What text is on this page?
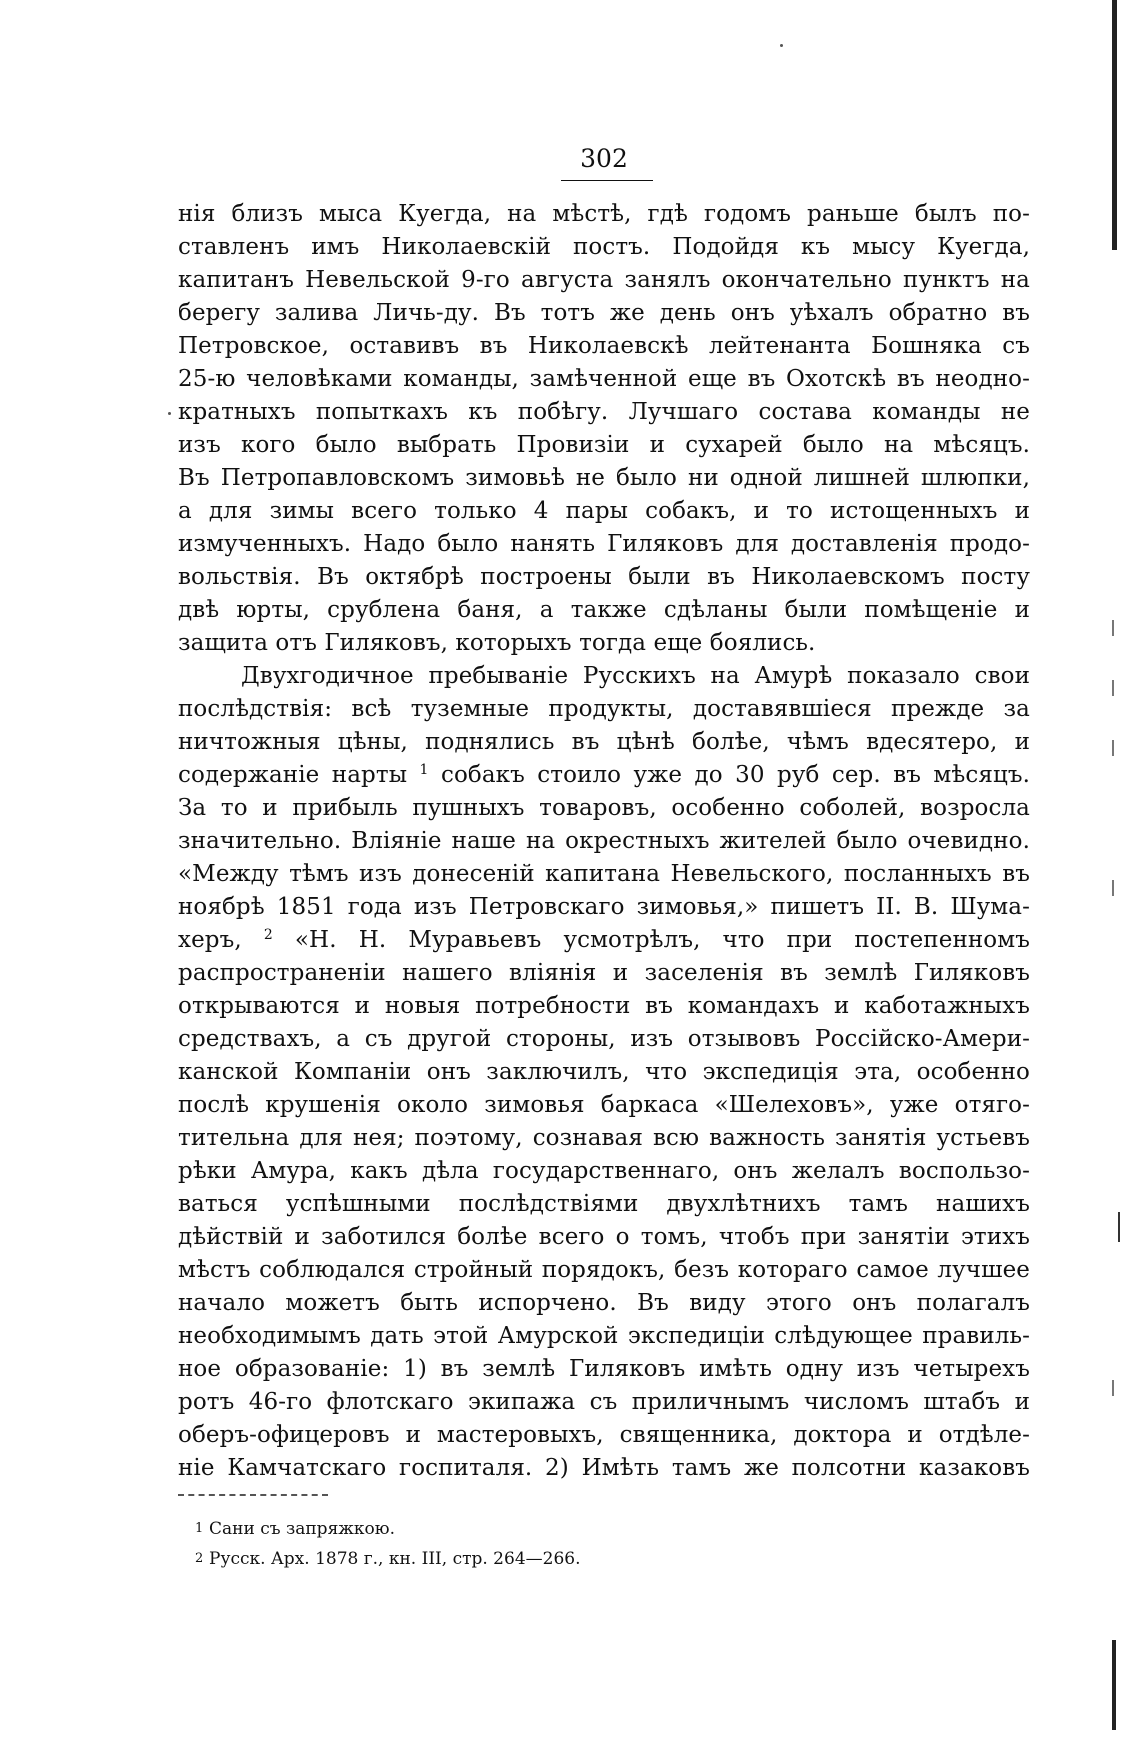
302
нія близъ мыса Куегда, на мѣстѣ, гдѣ годомъ раньше былъ по-
ставленъ имъ Николаевскій постъ. Подойдя къ мысу Куегда,
капитанъ Невельской 9-го августа занялъ окончательно пунктъ на
берегу залива Личь-ду. Въ тотъ же день онъ уѣхалъ обратно въ
Петровское, оставивъ въ Николаевскѣ лейтенанта Бошняка съ
25-ю человѣками команды, замѣченной еще въ Охотскѣ въ неодно-
кратныхъ попыткахъ къ побѣгу. Лучшаго состава команды не
изъ кого было выбрать Провизіи и сухарей было на мѣсяцъ.
Въ Петропавловскомъ зимовьѣ не было ни одной лишней шлюпки,
а для зимы всего только 4 пары собакъ, и то истощенныхъ и
измученныхъ. Надо было нанять Гиляковъ для доставленія продо-
вольствія. Въ октябрѣ построены были въ Николаевскомъ посту
двѣ юрты, срублена баня, а также сдѣланы были помѣщеніе и
защита отъ Гиляковъ, которыхъ тогда еще боялись.
Двухгодичное пребываніе Русскихъ на Амурѣ показало свои
послѣдствія: всѣ туземные продукты, доставявшіеся прежде за
ничтожныя цѣны, поднялись въ цѣнѣ болѣе, чѣмъ вдесятеро, и
содержаніе нарты $^1$ собакъ стоило уже до 30 руб сер. въ мѣсяцъ.
За то и прибыль пушныхъ товаровъ, особенно соболей, возросла
значительно. Вліяніе наше на окрестныхъ жителей было очевидно.
«Между тѣмъ изъ донесеній капитана Невельского, посланныхъ въ
ноябрѣ 1851 года изъ Петровскаго зимовья,» пишетъ II. В. Шума-
херъ, $^2$ «Н. Н. Муравьевъ усмотрѣлъ, что при постепенномъ
распространеніи нашего вліянія и заселенія въ землѣ Гиляковъ
открываются и новыя потребности въ командахъ и каботажныхъ
средствахъ, а съ другой стороны, изъ отзывовъ Россійско-Амери-
канской Компаніи онъ заключилъ, что экспедиція эта, особенно
послѣ крушенія около зимовья баркаса «Шелеховъ», уже отяго-
тительна для нея; поэтому, сознавая всю важность занятія устьевъ
рѣки Амура, какъ дѣла государственнаго, онъ желалъ воспользо-
ваться успѣшными послѣдствіями двухлѣтнихъ тамъ нашихъ
дѣйствій и заботился болѣе всего о томъ, чтобъ при занятіи этихъ
мѣстъ соблюдался стройный порядокъ, безъ котораго самое лучшее
начало можетъ быть испорчено. Въ виду этого онъ полагалъ
необходимымъ дать этой Амурской экспедиціи слѣдующее правиль-
ное образованіе: 1) въ землѣ Гиляковъ имѣть одну изъ четырехъ
ротъ 46-го флотскаго экипажа съ приличнымъ числомъ штабъ и
оберъ-офицеровъ и мастеровыхъ, священника, доктора и отдѣле-
ніе Камчатскаго госпиталя. 2) Имѣть тамъ же полсотни казаковъ
1 Сани съ запряжкою.
2 Русск. Арх. 1878 г., кн. III, стр. 264—266.
